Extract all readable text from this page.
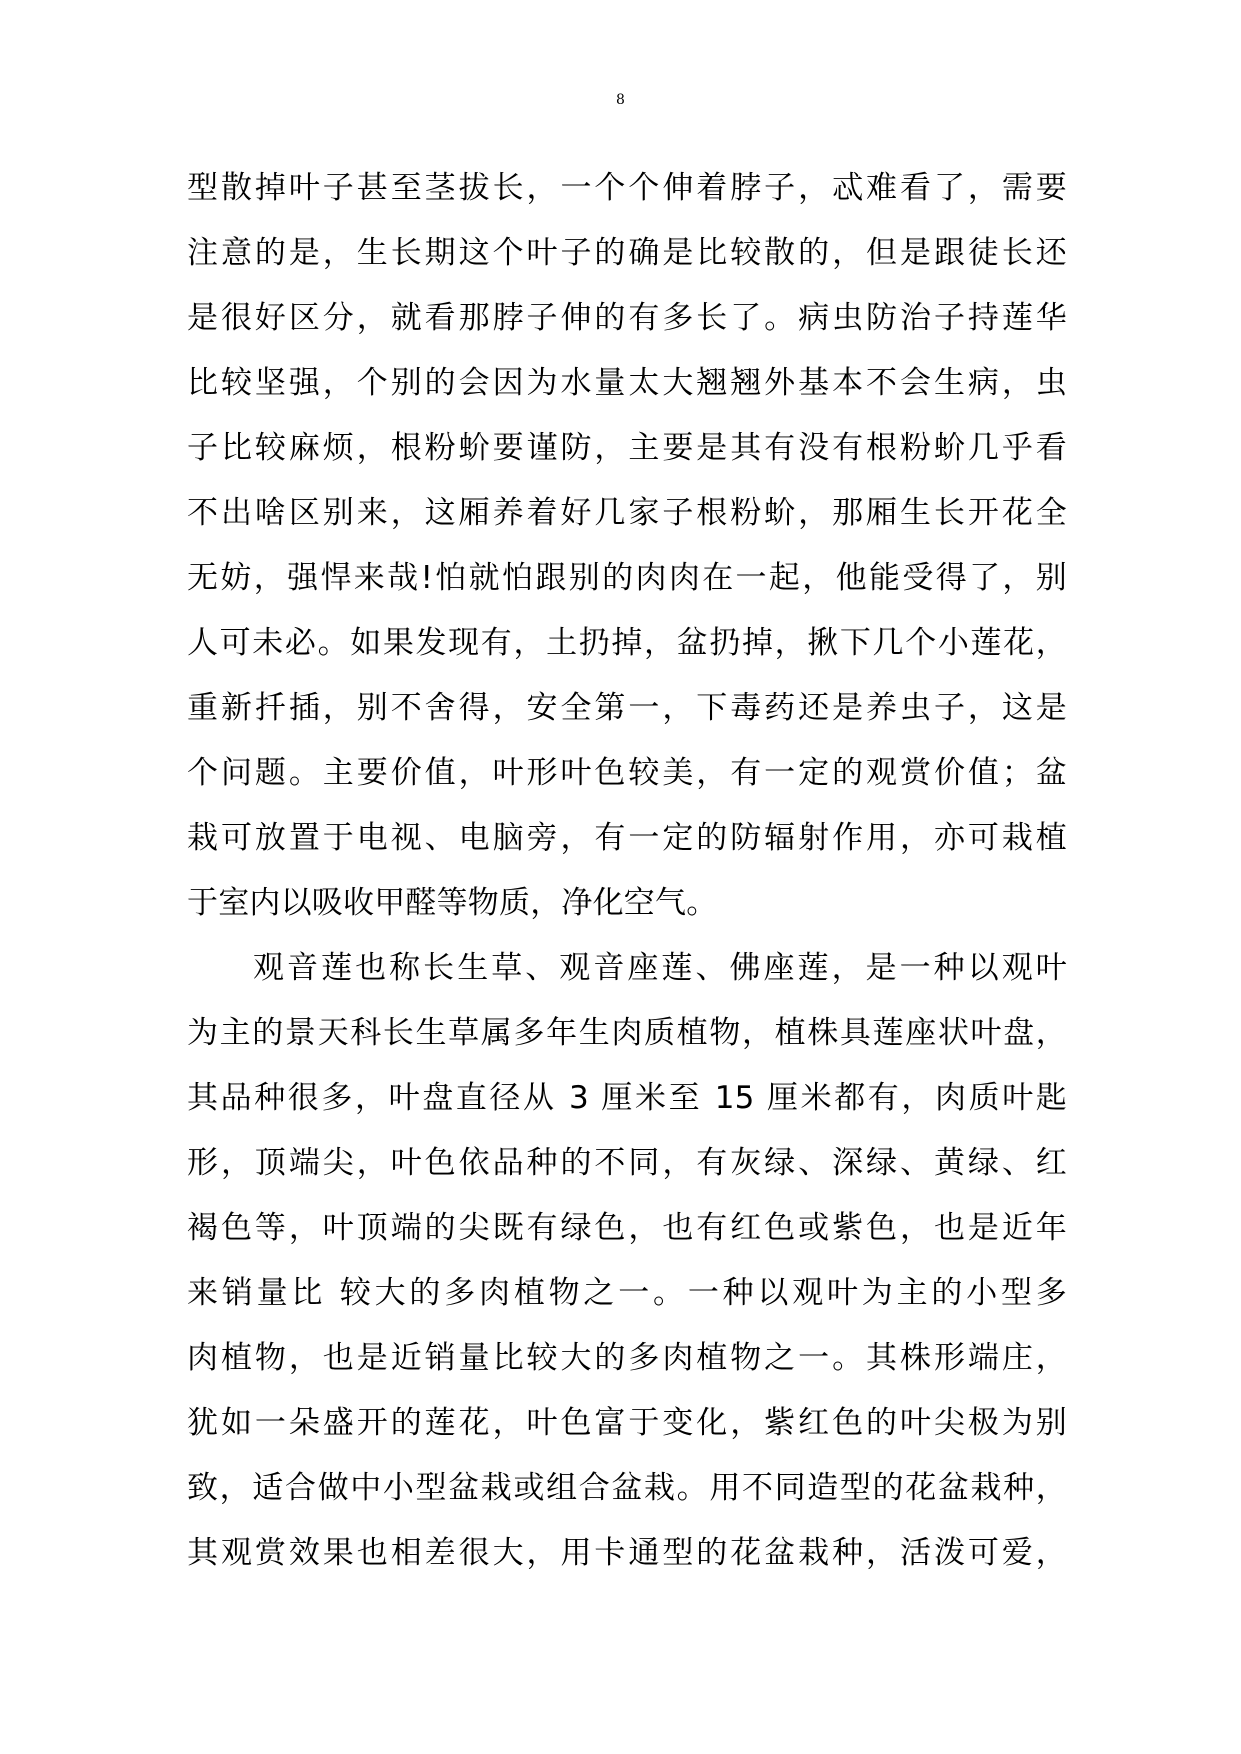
8
型散掉叶子甚至茎拔长，一个个伸着脖子，忒难看了，需要
注意的是，生长期这个叶子的确是比较散的，但是跟徒长还
是很好区分，就看那脖子伸的有多长了。病虫防治子持莲华
比较坚强，个别的会因为水量太大翘翘外基本不会生病，虫
子比较麻烦，根粉蚧要谨防，主要是其有没有根粉蚧几乎看
不出啥区别来，这厢养着好几家子根粉蚧，那厢生长开花全
无妨，强悍来哉!怕就怕跟别的肉肉在一起，他能受得了，别
人可未必。如果发现有，土扔掉，盆扔掉，揪下几个小莲花，
重新扦插，别不舍得，安全第一，下毒药还是养虫子，这是
个问题。主要价值，叶形叶色较美，有一定的观赏价值；盆
栽可放置于电视、电脑旁，有一定的防辐射作用，亦可栽植
于室内以吸收甲醛等物质，净化空气。
观音莲也称长生草、观音座莲、佛座莲，是一种以观叶
为主的景天科长生草属多年生肉质植物，植株具莲座状叶盘，
其品种很多，叶盘直径从 3 厘米至 15 厘米都有，肉质叶匙
形，顶端尖，叶色依品种的不同，有灰绿、深绿、黄绿、红
褐色等，叶顶端的尖既有绿色，也有红色或紫色，也是近年
来销量比 较大的多肉植物之一。一种以观叶为主的小型多
肉植物，也是近销量比较大的多肉植物之一。其株形端庄，
犹如一朵盛开的莲花，叶色富于变化，紫红色的叶尖极为别
致，适合做中小型盆栽或组合盆栽。用不同造型的花盆栽种，
其观赏效果也相差很大，用卡通型的花盆栽种，活泼可爱，
